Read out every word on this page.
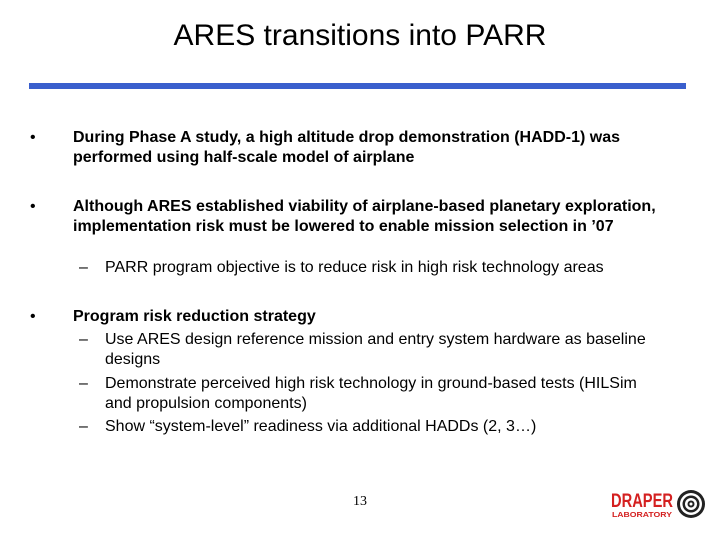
ARES transitions into PARR
• During Phase A study, a high altitude drop demonstration (HADD-1) was performed using half-scale model of airplane
• Although ARES established viability of airplane-based planetary exploration, implementation risk must be lowered to enable mission selection in ’07
– PARR program objective is to reduce risk in high risk technology areas
• Program risk reduction strategy
– Use ARES design reference mission and entry system hardware as baseline designs
– Demonstrate perceived high risk technology in ground-based tests (HILSim and propulsion components)
– Show “system-level” readiness via additional HADDs (2, 3…)
13	DRAPER
LABORATORY
